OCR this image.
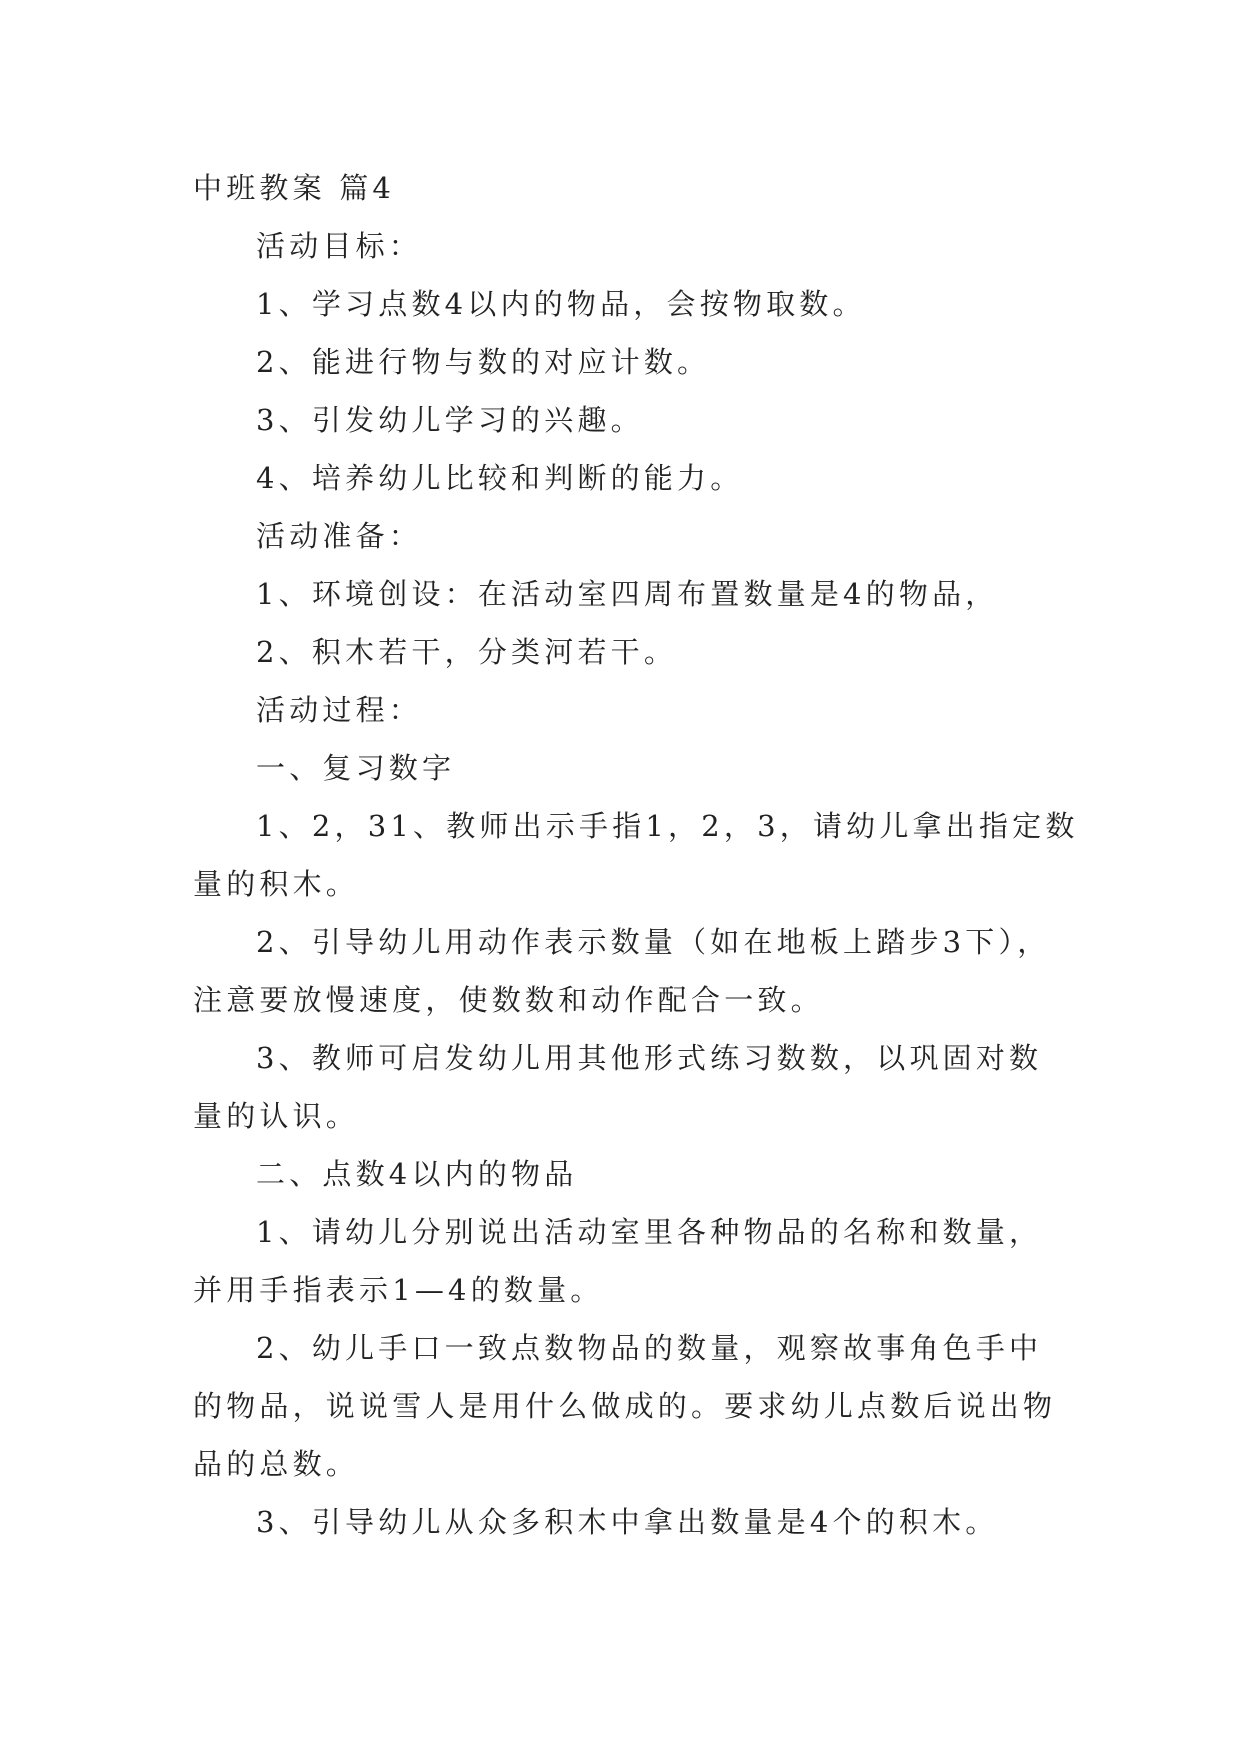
中班教案 篇4
活动目标：
1、学习点数4以内的物品，会按物取数。
2、能进行物与数的对应计数。
3、引发幼儿学习的兴趣。
4、培养幼儿比较和判断的能力。
活动准备：
1、环境创设：在活动室四周布置数量是4的物品，
2、积木若干，分类河若干。
活动过程：
一、复习数字
1、2，31、教师出示手指1，2，3，请幼儿拿出指定数
量的积木。
2、引导幼儿用动作表示数量（如在地板上踏步3下），
注意要放慢速度，使数数和动作配合一致。
3、教师可启发幼儿用其他形式练习数数，以巩固对数
量的认识。
二、点数4以内的物品
1、请幼儿分别说出活动室里各种物品的名称和数量，
并用手指表示1—4的数量。
2、幼儿手口一致点数物品的数量，观察故事角色手中
的物品，说说雪人是用什么做成的。要求幼儿点数后说出物
品的总数。
3、引导幼儿从众多积木中拿出数量是4个的积木。
